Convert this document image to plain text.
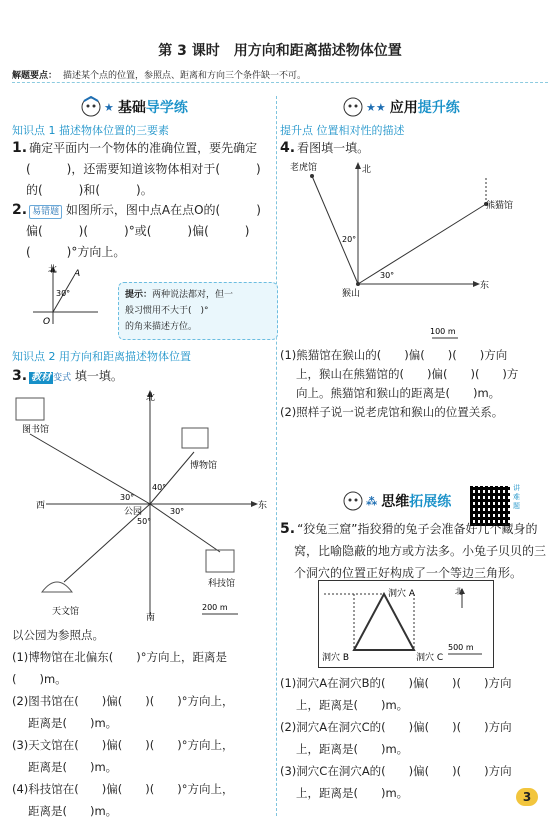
第 3 课时　用方向和距离描述物体位置
解题要点： 描述某个点的位置，参照点、距离和方向三个条件缺一不可。
★ 基础 导学练
知识点 1 描述物体位置的三要素
1. 确定平面内一个物体的准确位置，要先确定
(　　　)，还需要知道该物体相对于(　　　)
的(　　　)和(　　　)。
2. 易错题 如图所示，图中点A在点O的(　　　)
偏(　　　)(　　　)°或(　　　)偏(　　　)
(　　　)°方向上。
北
30°
A
O
提示：两种说法都对，但一
般习惯用不大于(　)°
的角来描述方位。
知识点 2 用方向和距离描述物体位置
3. 教材 变式 填一填。
北
南
西	东
公园
图书馆
博物馆
天文馆
科技馆
40°
30°
30°
50°
200 m
以公园为参照点。
(1)博物馆在北偏东(　　)°方向上，距离是(　　)m。
(2)图书馆在(　　)偏(　　)(　　)°方向上，
距离是(　　)m。
(3)天文馆在(　　)偏(　　)(　　)°方向上，
距离是(　　)m。
(4)科技馆在(　　)偏(　　)(　　)°方向上，
距离是(　　)m。
★★ 应用 提升练
提升点 位置相对性的描述
4. 看图填一填。
北
东
老虎馆
熊猫馆
猴山
20°
30°
100 m
(1)熊猫馆在猴山的(　　)偏(　　)(　　)方向
上，猴山在熊猫馆的(　　)偏(　　)(　　)方
向上。熊猫馆和猴山的距离是(　　)m。
(2)照样子说一说老虎馆和猴山的位置关系。
⁂ 思维 拓展练
讲难题
5. “狡兔三窟”指狡猾的兔子会准备好几个藏身的
窝，比喻隐蔽的地方或方法多。小兔子贝贝的三
个洞穴的位置正好构成了一个等边三角形。
洞穴 A
洞穴 B	洞穴 C
北
500 m
(1)洞穴A在洞穴B的(　　)偏(　　)(　　)方向
上，距离是(　　)m。
(2)洞穴A在洞穴C的(　　)偏(　　)(　　)方向
上，距离是(　　)m。
(3)洞穴C在洞穴A的(　　)偏(　　)(　　)方向
上，距离是(　　)m。	3
